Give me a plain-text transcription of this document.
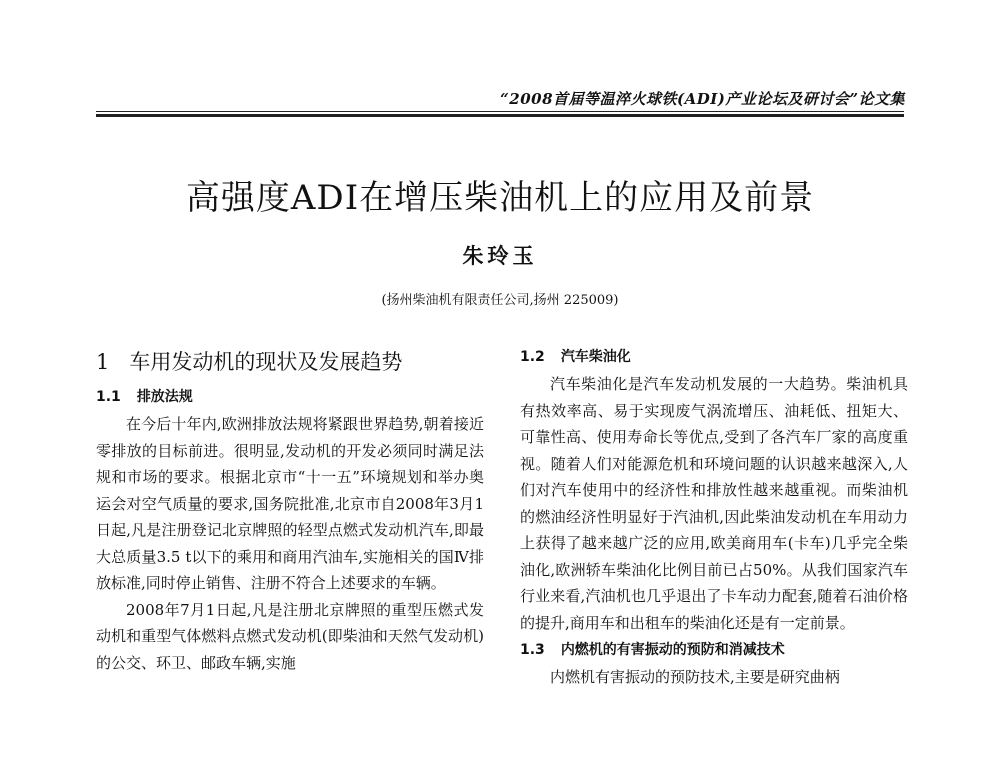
“2008首届等温淬火球铁(ADI)产业论坛及研讨会”论文集
高强度ADI在增压柴油机上的应用及前景
朱玲玉
(扬州柴油机有限责任公司,扬州 225009)
1 车用发动机的现状及发展趋势
1.1 排放法规

在今后十年内,欧洲排放法规将紧跟世界趋势,朝着接近零排放的目标前进。很明显,发动机的开发必须同时满足法规和市场的要求。根据北京市“十一五”环境规划和举办奥运会对空气质量的要求,国务院批准,北京市自2008年3月1日起,凡是注册登记北京牌照的轻型点燃式发动机汽车,即最大总质量3.5 t以下的乘用和商用汽油车,实施相关的国Ⅳ排放标准,同时停止销售、注册不符合上述要求的车辆。

2008年7月1日起,凡是注册北京牌照的重型压燃式发动机和重型气体燃料点燃式发动机(即柴油和天然气发动机)的公交、环卫、邮政车辆,实施

1.2 汽车柴油化

汽车柴油化是汽车发动机发展的一大趋势。柴油机具有热效率高、易于实现废气涡流增压、油耗低、扭矩大、可靠性高、使用寿命长等优点,受到了各汽车厂家的高度重视。随着人们对能源危机和环境问题的认识越来越深入,人们对汽车使用中的经济性和排放性越来越重视。而柴油机的燃油经济性明显好于汽油机,因此柴油发动机在车用动力上获得了越来越广泛的应用,欧美商用车(卡车)几乎完全柴油化,欧洲轿车柴油化比例目前已占50%。从我们国家汽车行业来看,汽油机也几乎退出了卡车动力配套,随着石油价格的提升,商用车和出租车的柴油化还是有一定前景。

1.3 内燃机的有害振动的预防和消减技术

内燃机有害振动的预防技术,主要是研究曲柄
